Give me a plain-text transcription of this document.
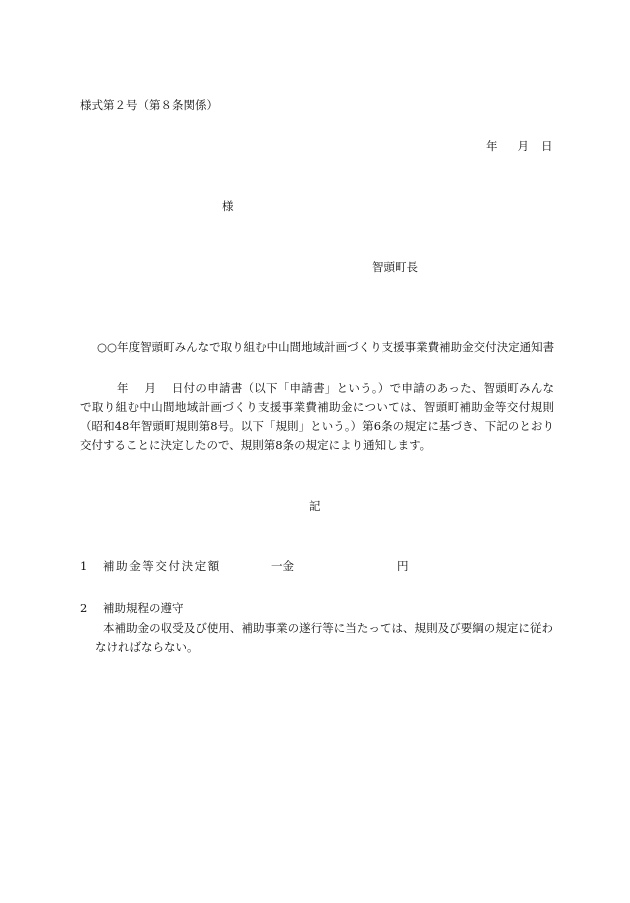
様式第２号（第８条関係）
年 月 日
様
智頭町長
○○年度智頭町みんなで取り組む中山間地域計画づくり支援事業費補助金交付決定通知書
年　 月　 日付の申請書（以下「申請書」という。）で申請のあった、智頭町みんなで取り組む中山間地域計画づくり支援事業費補助金については、智頭町補助金等交付規則（昭和48年智頭町規則第8号。以下「規則」という。）第6条の規定に基づき、下記のとおり交付することに決定したので、規則第8条の規定により通知します。
記
1 補助金等交付決定額	一金	円
2 補助規程の遵守
本補助金の収受及び使用、補助事業の遂行等に当たっては、規則及び要綱の規定に従わなければならない。
